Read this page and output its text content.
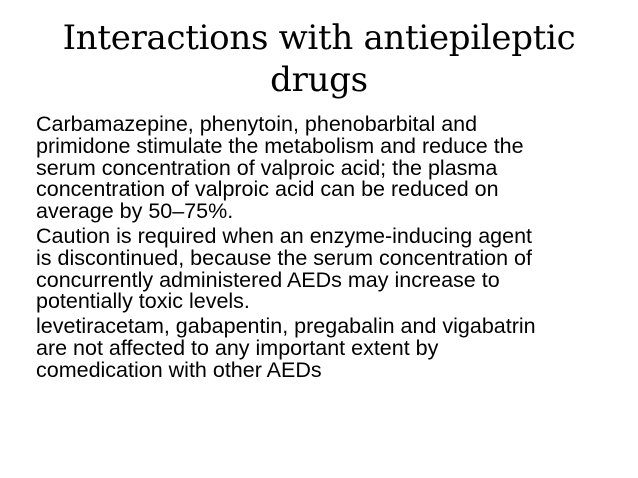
Interactions with antiepileptic
drugs
Carbamazepine, phenytoin, phenobarbital and
primidone stimulate the metabolism and reduce the
serum concentration of valproic acid; the plasma
concentration of valproic acid can be reduced on
average by 50–75%.
Caution is required when an enzyme-inducing agent
is discontinued, because the serum concentration of
concurrently administered AEDs may increase to
potentially toxic levels.
levetiracetam, gabapentin, pregabalin and vigabatrin
are not affected to any important extent by
comedication with other AEDs
